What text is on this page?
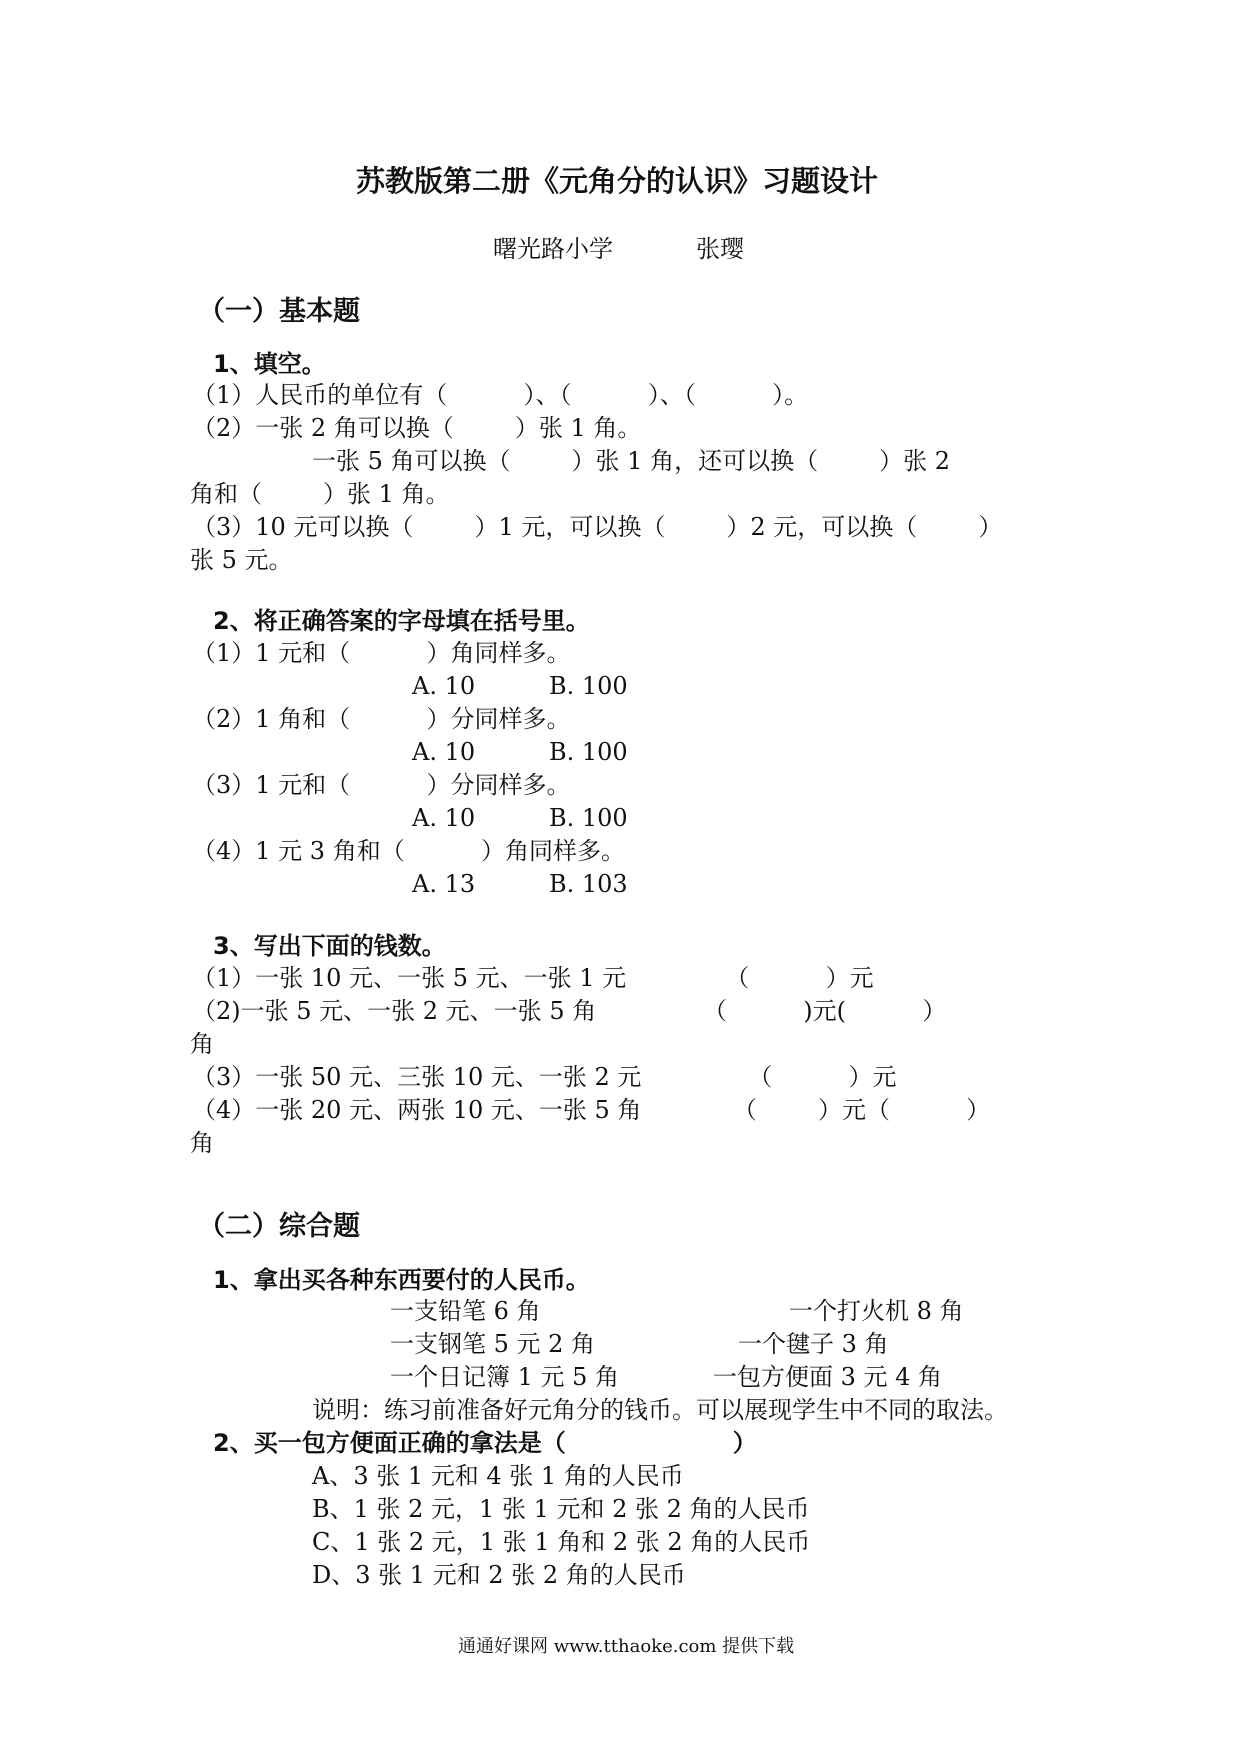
苏教版第二册《元角分的认识》习题设计
曙光路小学	张璎
（一）基本题
1、填空。
（1）人民币的单位有（          ）、（          ）、（          ）。
（2）一张 2 角可以换（        ）张 1 角。
一张 5 角可以换（        ）张 1 角，还可以换（        ）张 2
角和（        ）张 1 角。
（3）10 元可以换（        ）1 元，可以换（        ）2 元，可以换（        ）
张 5 元。
2、将正确答案的字母填在括号里。
（1）1 元和（          ）角同样多。
A. 10	B. 100
（2）1 角和（          ）分同样多。
A. 10	B. 100
（3）1 元和（          ）分同样多。
A. 10	B. 100
（4）1 元 3 角和（          ）角同样多。
A. 13	B. 103
3、写出下面的钱数。
（1）一张 10 元、一张 5 元、一张 1 元             （          ）元
（2)一张 5 元、一张 2 元、一张 5 角              （          )元(          ）
角
（3）一张 50 元、三张 10 元、一张 2 元              （          ）元
（4）一张 20 元、两张 10 元、一张 5 角            （        ）元（          ）
角
（二）综合题
1、拿出买各种东西要付的人民币。
一支铅笔 6 角	一个打火机 8 角
一支钢笔 5 元 2 角	一个毽子 3 角
一个日记簿 1 元 5 角	一包方便面 3 元 4 角
说明：练习前准备好元角分的钱币。可以展现学生中不同的取法。
2、买一包方便面正确的拿法是（                    ）
A、3 张 1 元和 4 张 1 角的人民币
B、1 张 2 元，1 张 1 元和 2 张 2 角的人民币
C、1 张 2 元，1 张 1 角和 2 张 2 角的人民币
D、3 张 1 元和 2 张 2 角的人民币
通通好课网 www.tthaoke.com 提供下载
